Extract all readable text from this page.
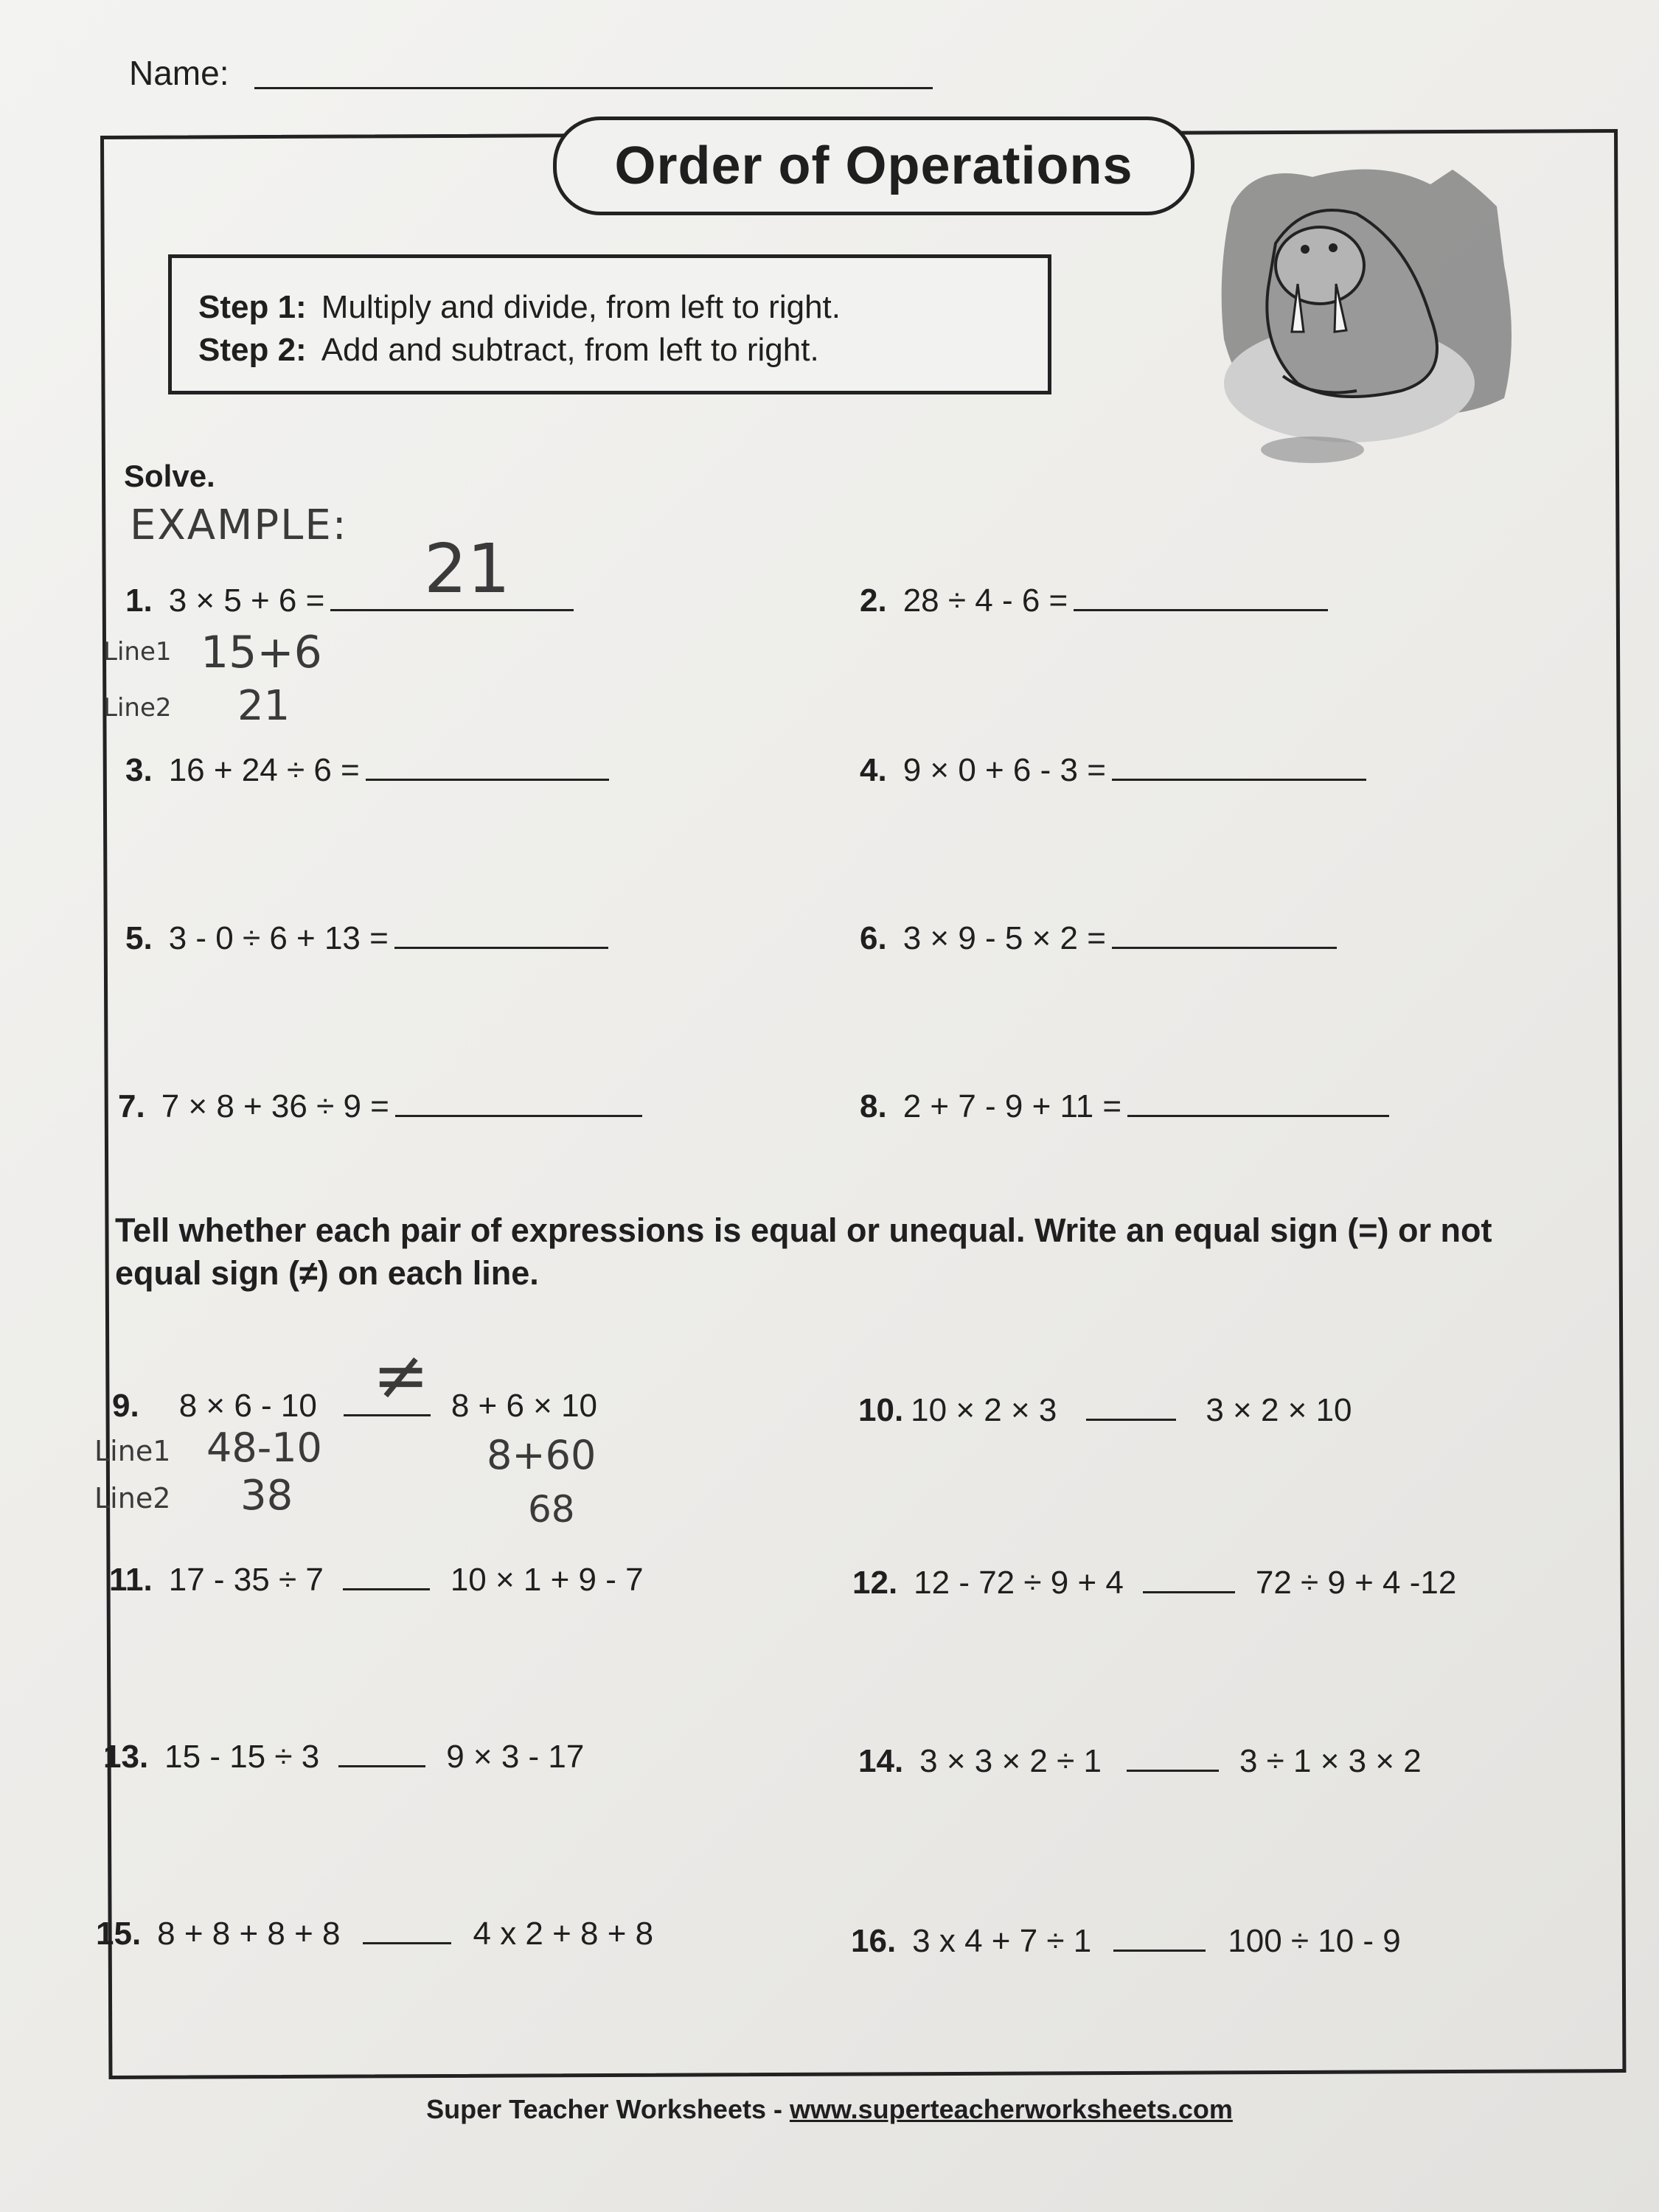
Name:
Order of Operations
Step 1: Multiply and divide, from left to right.
Step 2: Add and subtract, from left to right.
Solve.
EXAMPLE:
1. 3 × 5 + 6 =	21
Line1 15+6
Line2 21
2. 28 ÷ 4 - 6 =
3. 16 + 24 ÷ 6 =	4. 9 × 0 + 6 - 3 =
5. 3 - 0 ÷ 6 + 13 =	6. 3 × 9 - 5 × 2 =
7. 7 × 8 + 36 ÷ 9 =	8. 2 + 7 - 9 + 11 =
Tell whether each pair of expressions is equal or unequal. Write an equal sign (=) or not equal sign (≠) on each line.
9. 8 × 6 - 10	8 + 6 × 10
≠
Line1 48-10
Line2 38
8+60
68
10. 10 × 2 × 3	3 × 2 × 10
11. 17 - 35 ÷ 7	10 × 1 + 9 - 7	12. 12 - 72 ÷ 9 + 4	72 ÷ 9 + 4 -12
13. 15 - 15 ÷ 3	9 × 3 - 17	14. 3 × 3 × 2 ÷ 1	3 ÷ 1 × 3 × 2
15. 8 + 8 + 8 + 8	4 x 2 + 8 + 8	16. 3 x 4 + 7 ÷ 1	100 ÷ 10 - 9
Super Teacher Worksheets - www.superteacherworksheets.com
